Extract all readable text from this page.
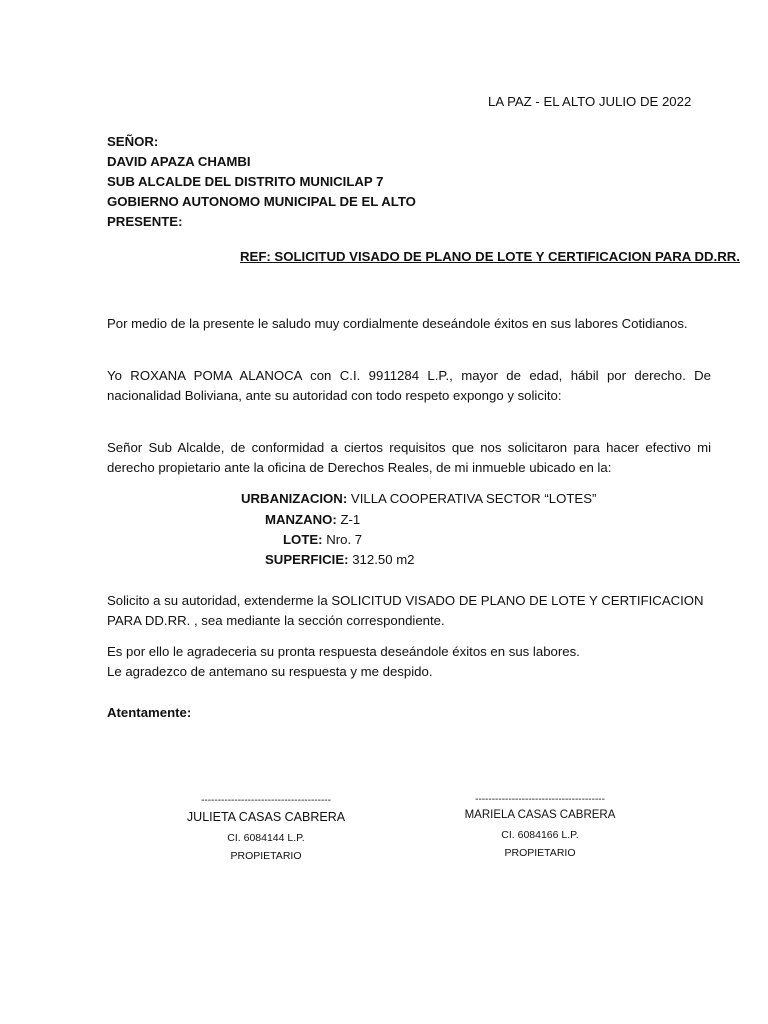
LA PAZ - EL ALTO JULIO DE 2022
SEÑOR:
DAVID APAZA CHAMBI
SUB ALCALDE DEL DISTRITO MUNICILAP 7
GOBIERNO AUTONOMO MUNICIPAL DE EL ALTO
PRESENTE:
REF: SOLICITUD VISADO DE PLANO DE LOTE Y CERTIFICACION PARA DD.RR.
Por medio de la presente le saludo muy cordialmente deseándole éxitos en sus labores Cotidianos.
Yo ROXANA POMA ALANOCA con C.I. 9911284 L.P., mayor de edad, hábil por derecho. De nacionalidad Boliviana, ante su autoridad con todo respeto expongo y solicito:
Señor Sub Alcalde, de conformidad a ciertos requisitos que nos solicitaron para hacer efectivo mi derecho propietario ante la oficina de Derechos Reales, de mi inmueble ubicado en la:
URBANIZACION: VILLA COOPERATIVA SECTOR “LOTES”
MANZANO: Z-1
LOTE: Nro. 7
SUPERFICIE: 312.50 m2
Solicito a su autoridad, extenderme la SOLICITUD VISADO DE PLANO DE LOTE Y CERTIFICACION PARA DD.RR. , sea mediante la sección correspondiente.
Es por ello le agradeceria su pronta respuesta deseándole éxitos en sus labores.
Le agradezco de antemano su respuesta y me despido.
Atentamente:
---------------------------------------
JULIETA CASAS CABRERA
CI. 6084144 L.P.
PROPIETARIO
---------------------------------------
MARIELA CASAS CABRERA
CI. 6084166 L.P.
PROPIETARIO
